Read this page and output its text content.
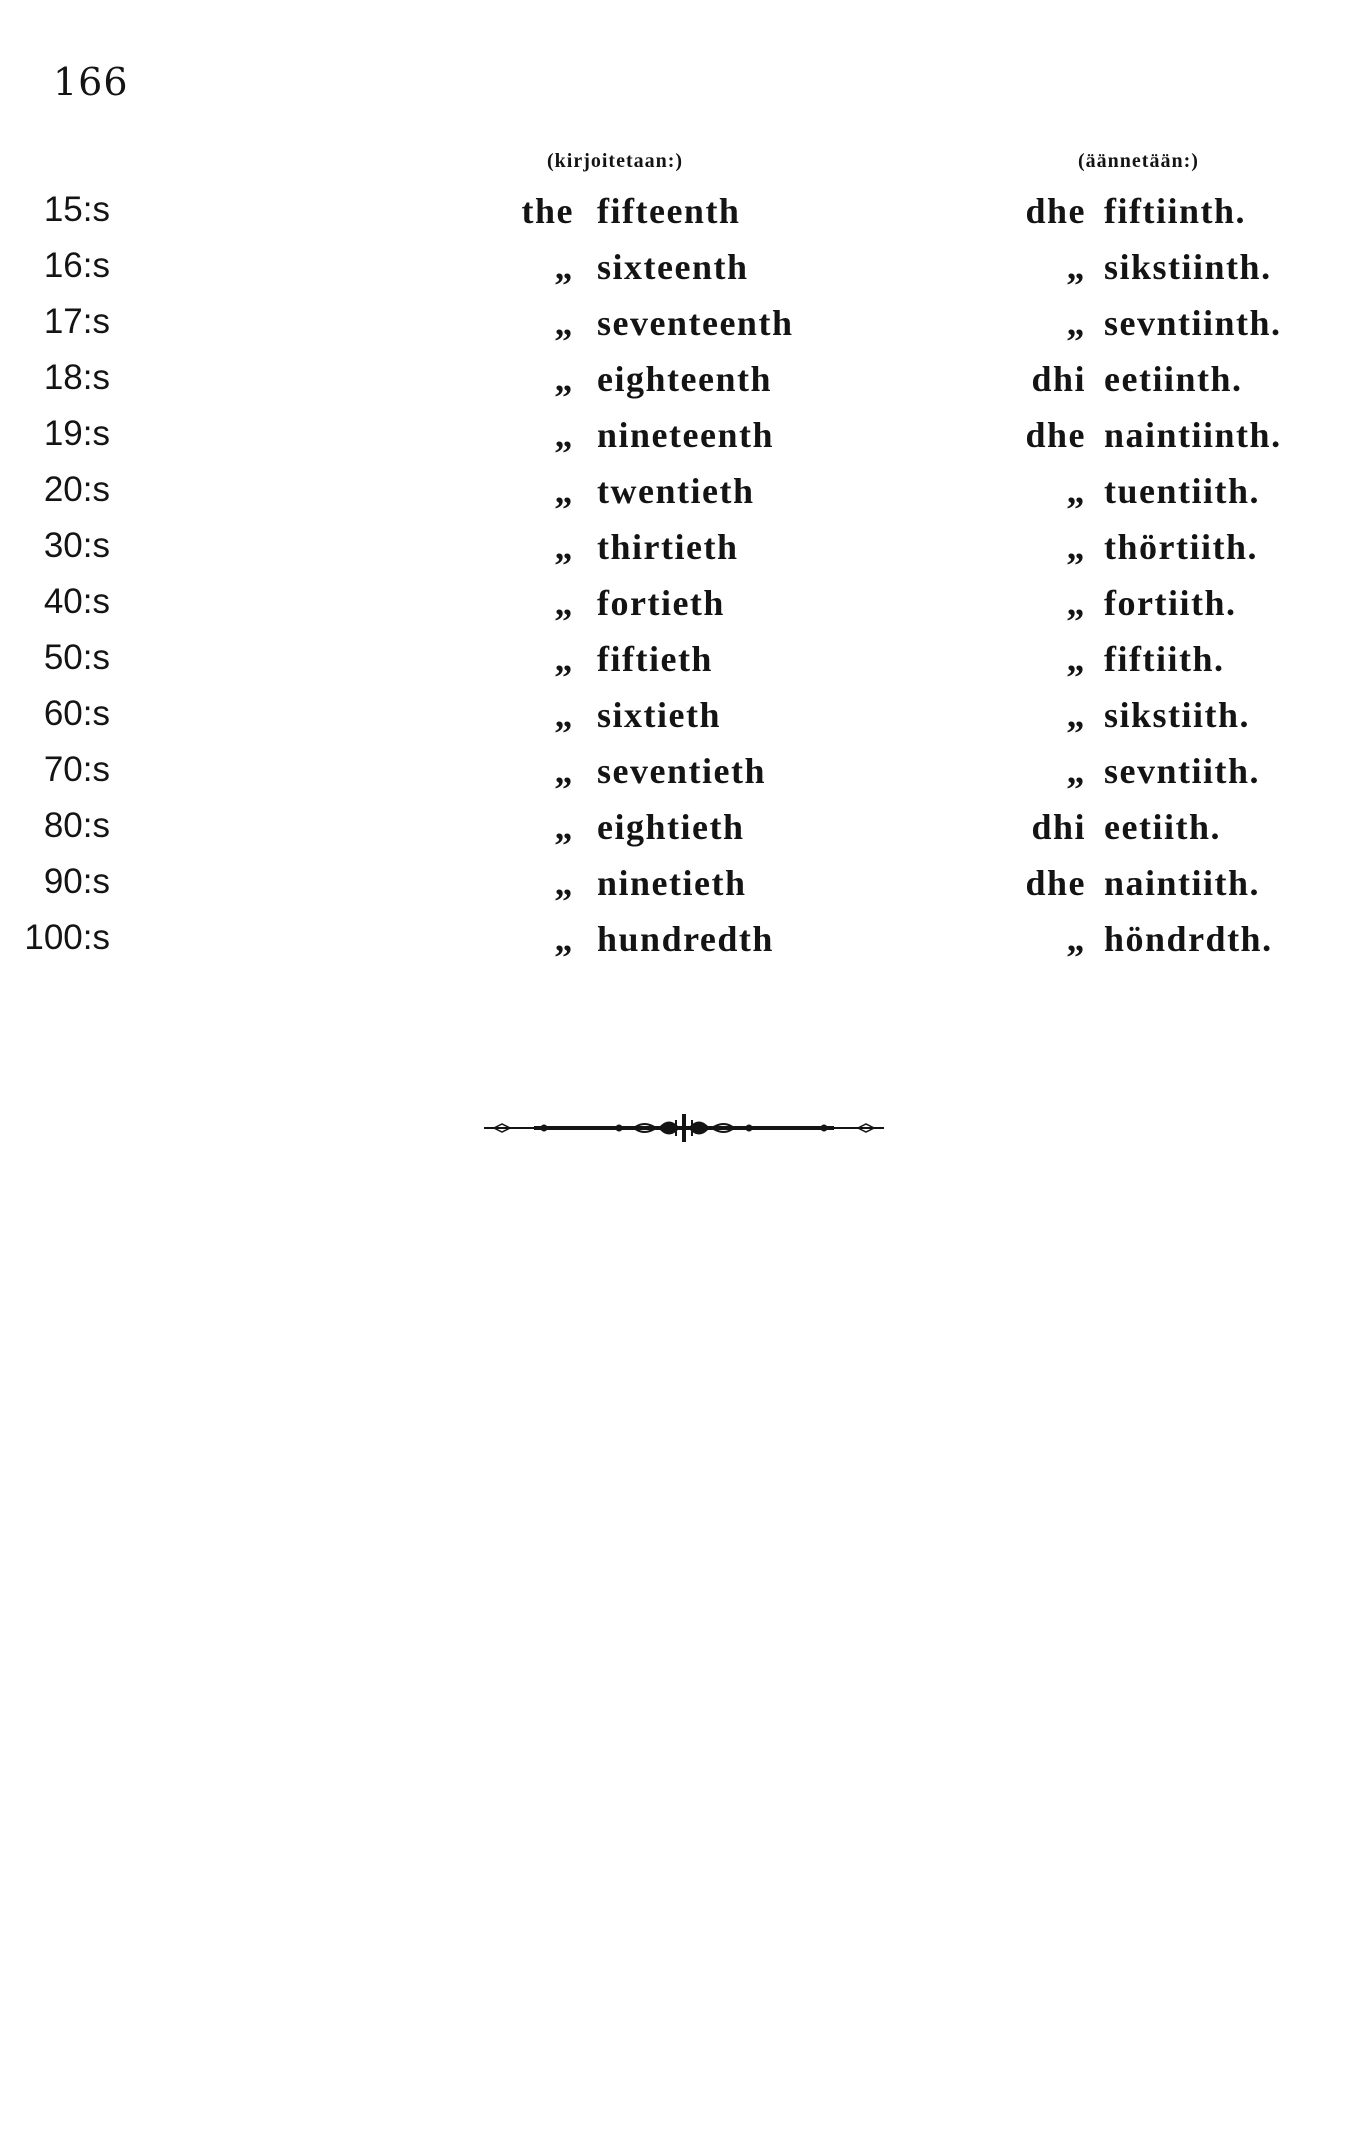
166
(kirjoitetaan:)	(äännetään:)
15:s	the fifteenth	dhe fiftiinth.
16:s	„ sixteenth	„ sikstiinth.
17:s	„ seventeenth	„ sevntiinth.
18:s	„ eighteenth	dhi eetiinth.
19:s	„ nineteenth	dhe naintiinth.
20:s	„ twentieth	„ tuentiith.
30:s	„ thirtieth	„ thörtiith.
40:s	„ fortieth	„ fortiith.
50:s	„ fiftieth	„ fiftiith.
60:s	„ sixtieth	„ sikstiith.
70:s	„ seventieth	„ sevntiith.
80:s	„ eightieth	dhi eetiith.
90:s	„ ninetieth	dhe naintiith.
100:s	„ hundredth	„ höndrdth.
